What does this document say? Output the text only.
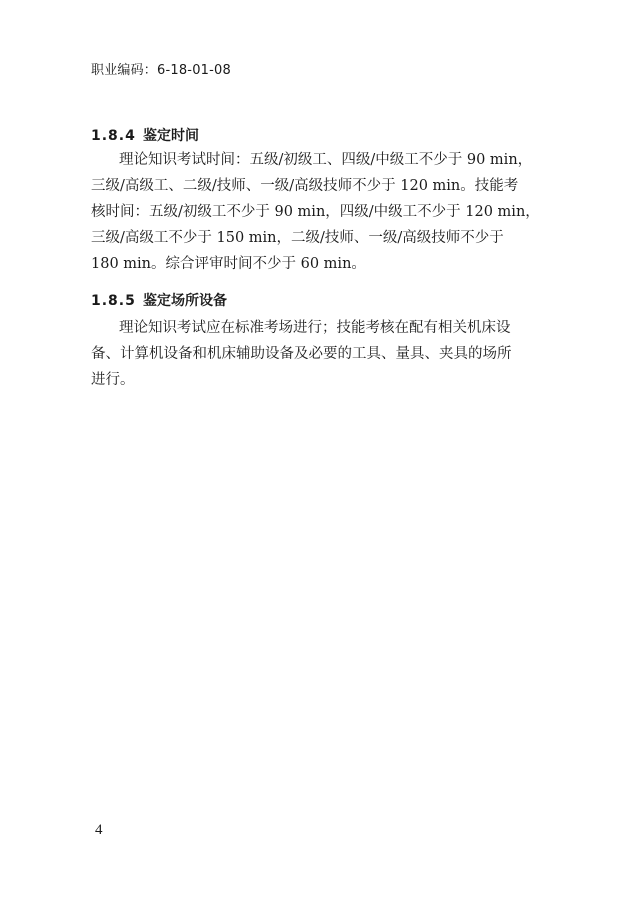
职业编码：6-18-01-08
1.8.4 鉴定时间
理论知识考试时间：五级/初级工、四级/中级工不少于 90 min，
三级/高级工、二级/技师、一级/高级技师不少于 120 min。技能考
核时间：五级/初级工不少于 90 min，四级/中级工不少于 120 min，
三级/高级工不少于 150 min，二级/技师、一级/高级技师不少于
180 min。综合评审时间不少于 60 min。
1.8.5 鉴定场所设备
理论知识考试应在标准考场进行；技能考核在配有相关机床设
备、计算机设备和机床辅助设备及必要的工具、量具、夹具的场所
进行。
4
